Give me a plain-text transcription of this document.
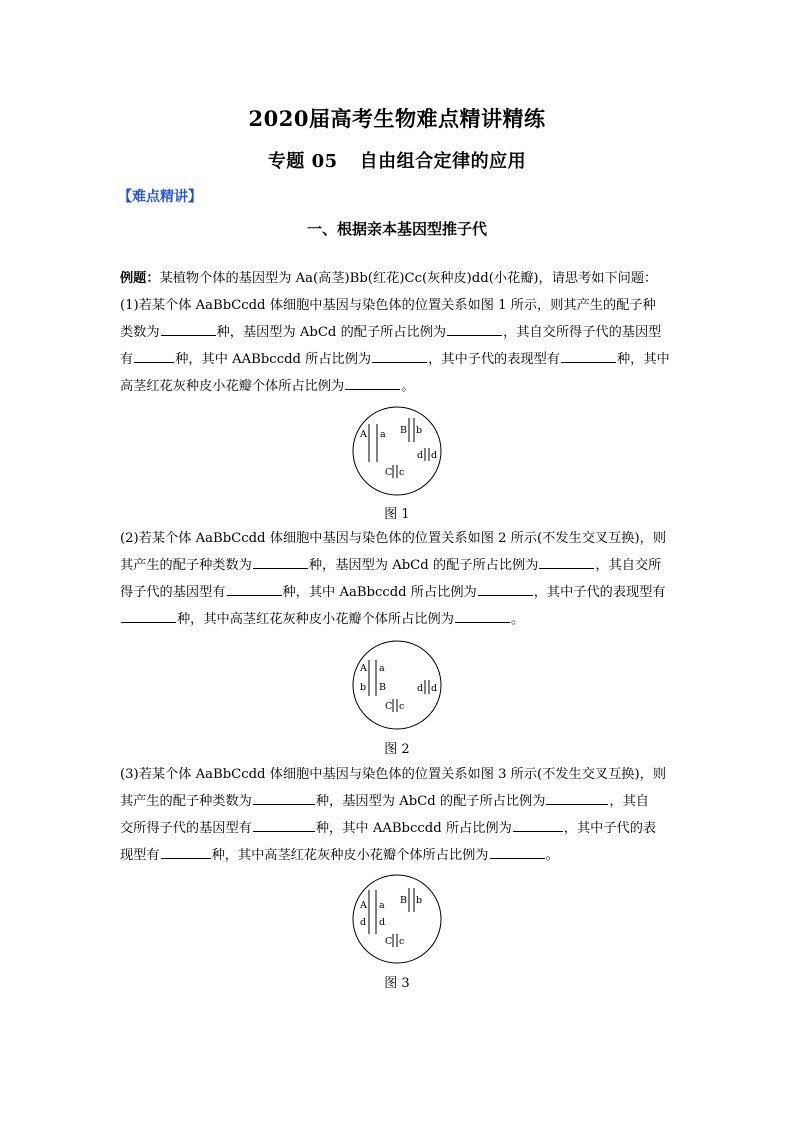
2020届高考生物难点精讲精练
专题 05 自由组合定律的应用
【难点精讲】
一、根据亲本基因型推子代
例题：某植物个体的基因型为 Aa(高茎)Bb(红花)Cc(灰种皮)dd(小花瓣)，请思考如下问题：
(1)若某个体 AaBbCcdd 体细胞中基因与染色体的位置关系如图 1 所示，则其产生的配子种
类数为	种，基因型为 AbCd 的配子所占比例为	，其自交所得子代的基因型
有	种，其中 AABbccdd 所占比例为	，其中子代的表现型有	种，其中
高茎红花灰种皮小花瓣个体所占比例为	。
A a B b
d d
C c
图 1
(2)若某个体 AaBbCcdd 体细胞中基因与染色体的位置关系如图 2 所示(不发生交叉互换)，则
其产生的配子种类数为	种，基因型为 AbCd 的配子所占比例为	，其自交所
得子代的基因型有	种，其中 AaBbccdd 所占比例为	，其中子代的表现型有
种，其中高茎红花灰种皮小花瓣个体所占比例为	。
A a
b B	d d
C c
图 2
(3)若某个体 AaBbCcdd 体细胞中基因与染色体的位置关系如图 3 所示(不发生交叉互换)，则
其产生的配子种类数为	种，基因型为 AbCd 的配子所占比例为	，其自
交所得子代的基因型有	种，其中 AABbccdd 所占比例为	，其中子代的表
现型有	种，其中高茎红花灰种皮小花瓣个体所占比例为	。
A a
d d
B b
C c
图 3
